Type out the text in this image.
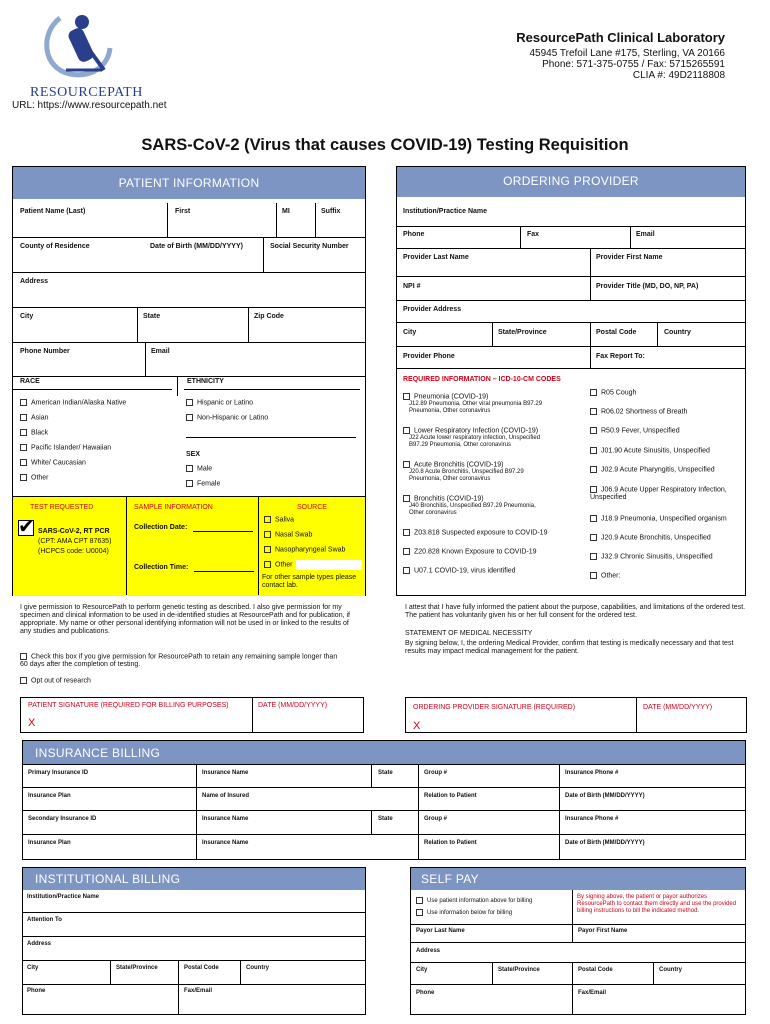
RESOURCEPATH
ResourcePath Clinical Laboratory
45945 Trefoil Lane #175, Sterling, VA 20166
Phone: 571-375-0755 / Fax: 5715265591
CLIA #: 49D2118808
URL: https://www.resourcepath.net
SARS-CoV-2 (Virus that causes COVID-19) Testing Requisition
PATIENT INFORMATION
Patient Name (Last)	First	MI	Suffix
County of Residence	Date of Birth (MM/DD/YYYY)	Social Security Number
Address
City	State	Zip Code
Phone Number	Email
RACE	ETHNICITY
American Indian/Alaska Native
Asian
Black
Pacific Islander/ Hawaiian
White/ Caucasian
Other
Hispanic or Latino
Non-Hispanic or Latino
SEX
Male
Female
TEST REQUESTED	SAMPLE INFORMATION	SOURCE
✔ SARS-CoV-2, RT PCR
(CPT: AMA CPT 87635)
(HCPCS code: U0004)
Collection Date:
Collection Time:
Saliva
Nasal Swab
Nasopharyngeal Swab
Other
For other sample types please contact lab.
ORDERING PROVIDER
Institution/Practice Name
Phone	Fax	Email
Provider Last Name	Provider First Name
NPI #	Provider Title (MD, DO, NP, PA)
Provider Address
City	State/Province	Postal Code	Country
Provider Phone	Fax Report To:
REQUIRED INFORMATION – ICD-10-CM CODES
Pneumonia (COVID-19)
J12.89 Pneumonia, Other viral pneumonia B97.29 Pneumonia, Other coronavirus
Lower Respiratory Infection (COVID-19)
J22 Acute lower respiratory infection, Unspecified B97.29 Pneumonia, Other coronavirus
Acute Bronchitis (COVID-19)
J20.8 Acute Bronchitis, Unspecified B97.29 Pneumonia, Other coronavirus
Bronchitis (COVID-19)
J40 Bronchitis, Unspecified B97.29 Pneumonia, Other coronavirus
Z03.818 Suspected exposure to COVID-19
Z20.828 Known Exposure to COVID-19
U07.1 COVID-19, virus identified
R05 Cough
R06.02 Shortness of Breath
R50.9 Fever, Unspecified
J01.90 Acute Sinusitis, Unspecified
J02.9 Acute Pharyngitis, Unspecified
J06.9 Acute Upper Respiratory Infection, Unspecified
J18.9 Pneumonia, Unspecified organism
J20.9 Acute Bronchitis, Unspecified
J32.9 Chronic Sinusitis, Unspecified
Other:
I give permission to ResourcePath to perform genetic testing as described. I also give permission for my specimen and clinical information to be used in de-identified studies at ResourcePath and for publication, if appropriate. My name or other personal identifying information will not be used in or linked to the results of any studies and publications.
Check this box if you give permission for ResourcePath to retain any remaining sample longer than 60 days after the completion of testing.
Opt out of research
PATIENT SIGNATURE (REQUIRED FOR BILLING PURPOSES)	DATE (MM/DD/YYYY)
X
I attest that I have fully informed the patient about the purpose, capabilities, and limitations of the ordered test. The patient has voluntarily given his or her full consent for the ordered test.
STATEMENT OF MEDICAL NECESSITY
By signing below, I, the ordering Medical Provider, confirm that testing is medically necessary and that test results may impact medical management for the patient.
ORDERING PROVIDER SIGNATURE (REQUIRED)	DATE (MM/DD/YYYY)
X
INSURANCE BILLING
Primary Insurance ID	Insurance Name	State	Group #	Insurance Phone #
Insurance Plan	Name of Insured	Relation to Patient	Date of Birth (MM/DD/YYYY)
Secondary Insurance ID	Insurance Name	State	Group #	Insurance Phone #
Insurance Plan	Insurance Name	Relation to Patient	Date of Birth (MM/DD/YYYY)
INSTITUTIONAL BILLING
Institution/Practice Name
Attention To
Address
City	State/Province	Postal Code	Country
Phone	Fax/Email
SELF PAY
Use patient information above for billing
Use information below for billing
By signing above, the patient or payor authorizes ResourcePath to contact them directly and use the provided billing instructions to bill the indicated method.
Payor Last Name	Payor First Name
Address
City	State/Province	Postal Code	Country
Phone	Fax/Email
